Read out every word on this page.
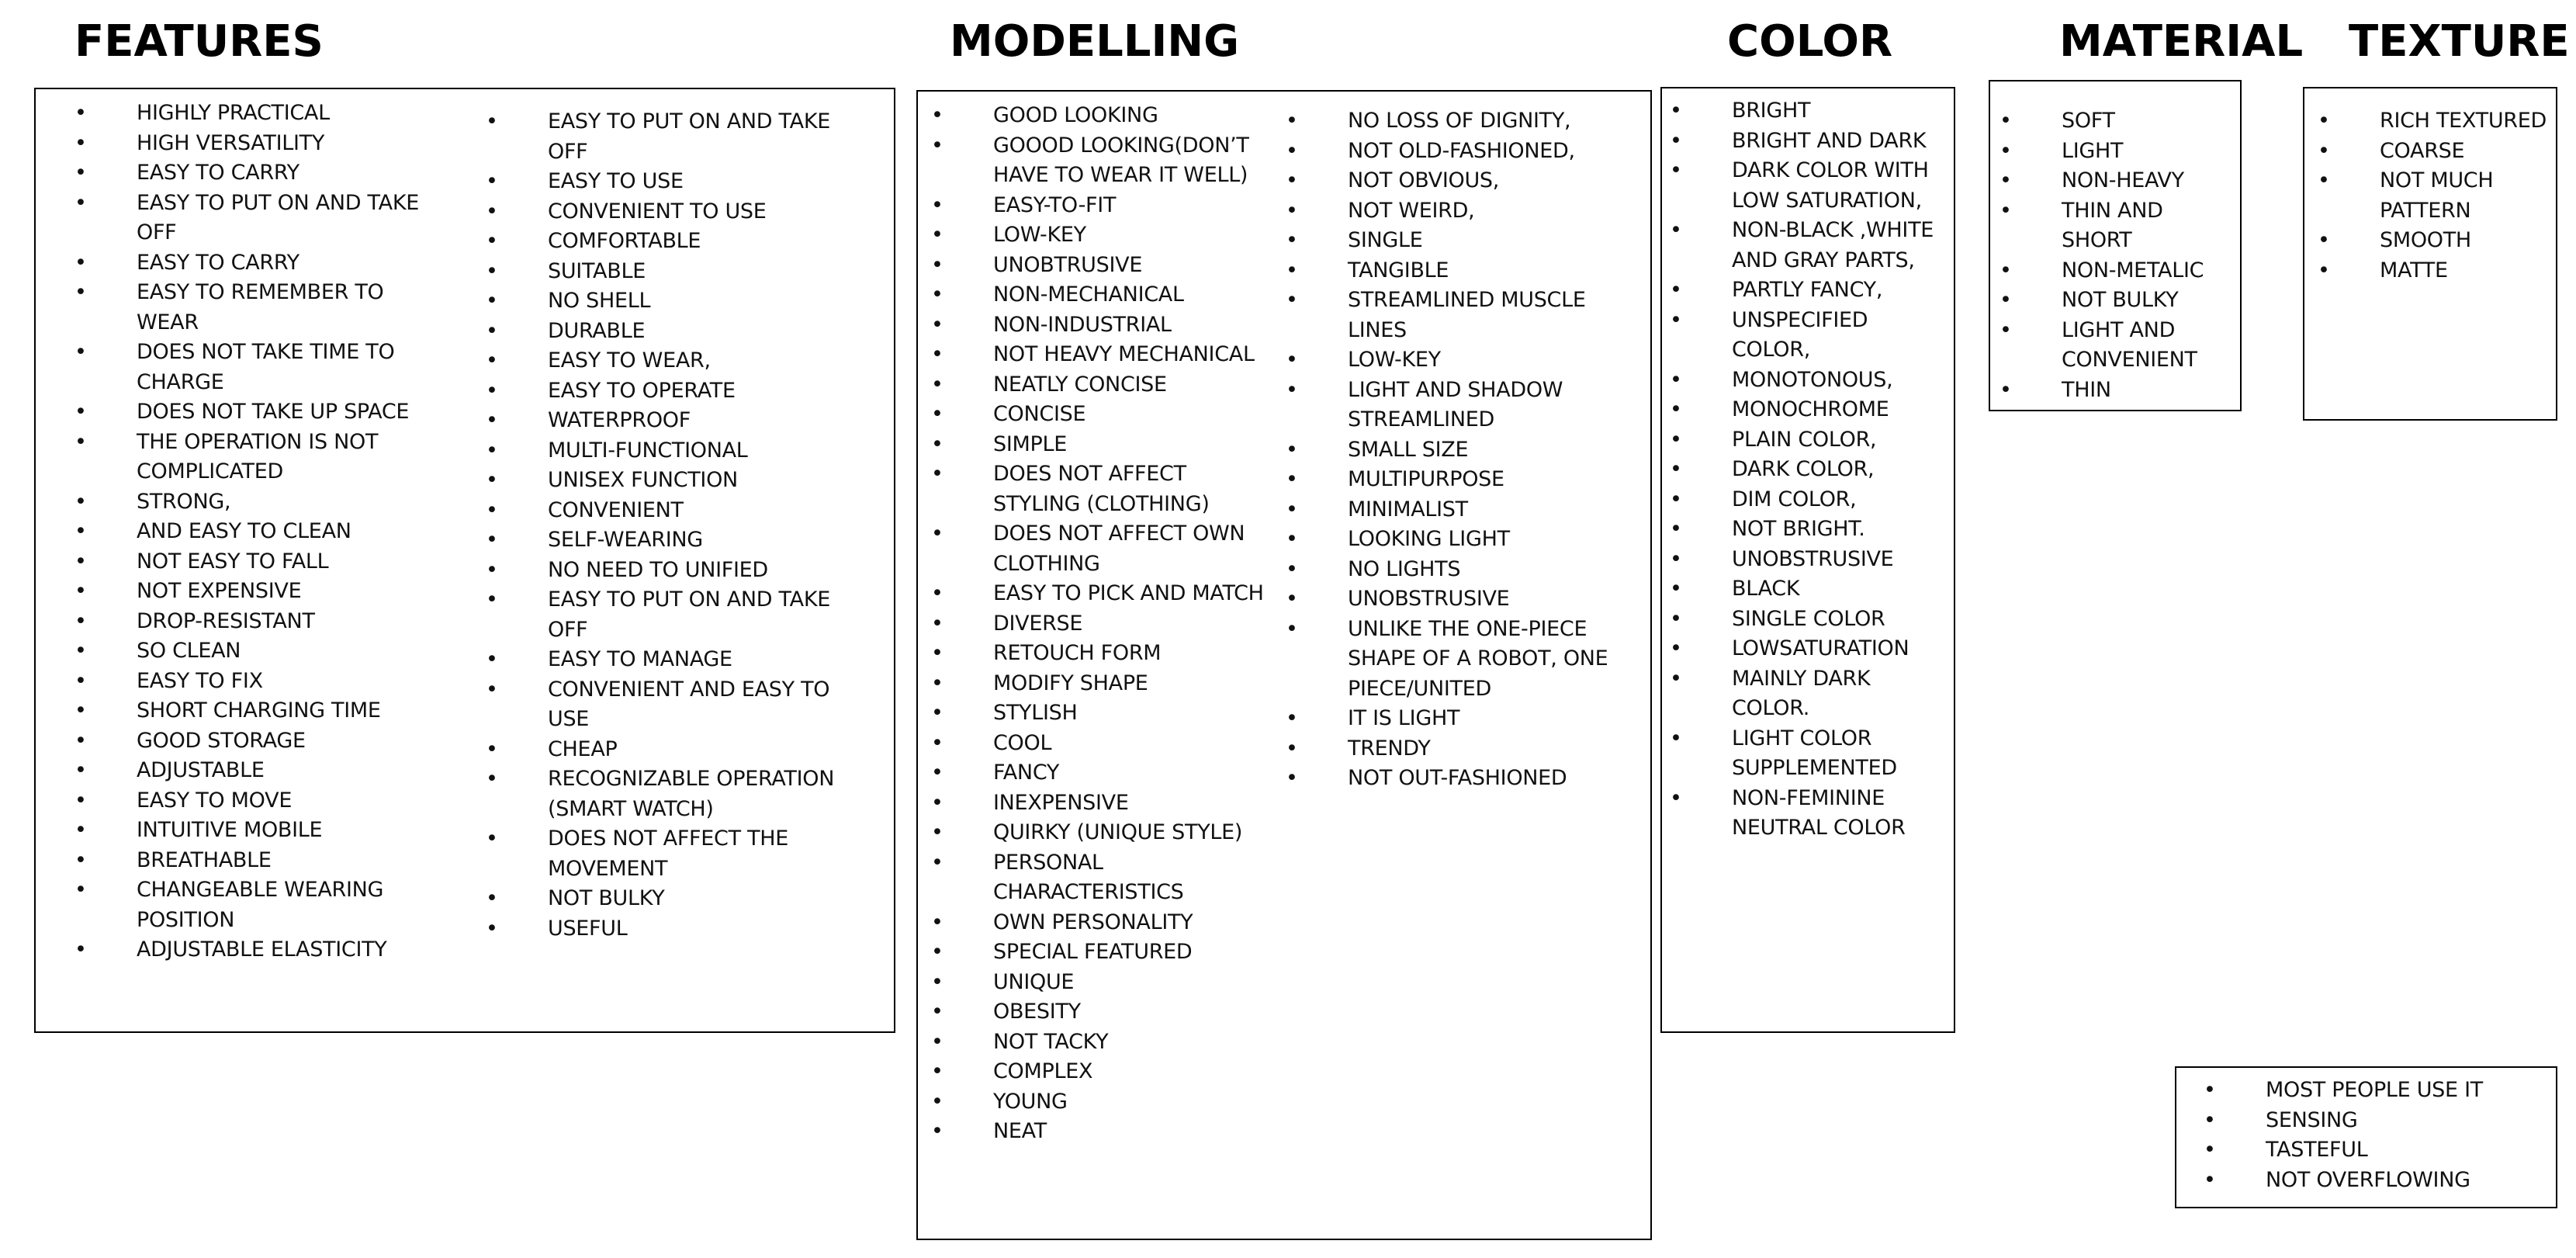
FEATURES	MODELLING	COLOR	MATERIAL TEXTURE
• HIGHLY PRACTICAL
• HIGH VERSATILITY
• EASY TO CARRY
• EASY TO PUT ON AND TAKE OFF
• EASY TO CARRY
• EASY TO REMEMBER TO WEAR
• DOES NOT TAKE TIME TO CHARGE
• DOES NOT TAKE UP SPACE
• THE OPERATION IS NOT COMPLICATED
• STRONG,
• AND EASY TO CLEAN
• NOT EASY TO FALL
• NOT EXPENSIVE
• DROP-RESISTANT
• SO CLEAN
• EASY TO FIX
• SHORT CHARGING TIME
• GOOD STORAGE
• ADJUSTABLE
• EASY TO MOVE
• INTUITIVE MOBILE
• BREATHABLE
• CHANGEABLE WEARING POSITION
• ADJUSTABLE ELASTICITY
• EASY TO PUT ON AND TAKE OFF
• EASY TO USE
• CONVENIENT TO USE
• COMFORTABLE
• SUITABLE
• NO SHELL
• DURABLE
• EASY TO WEAR,
• EASY TO OPERATE
• WATERPROOF
• MULTI-FUNCTIONAL
• UNISEX FUNCTION
• CONVENIENT
• SELF-WEARING
• NO NEED TO UNIFIED
• EASY TO PUT ON AND TAKE OFF
• EASY TO MANAGE
• CONVENIENT AND EASY TO USE
• CHEAP
• RECOGNIZABLE OPERATION (SMART WATCH)
• DOES NOT AFFECT THE MOVEMENT
• NOT BULKY
• USEFUL
• GOOD LOOKING
• GOOOD LOOKING(DON’T HAVE TO WEAR IT WELL)
• EASY-TO-FIT
• LOW-KEY
• UNOBTRUSIVE
• NON-MECHANICAL
• NON-INDUSTRIAL
• NOT HEAVY MECHANICAL
• NEATLY CONCISE
• CONCISE
• SIMPLE
• DOES NOT AFFECT STYLING (CLOTHING)
• DOES NOT AFFECT OWN CLOTHING
• EASY TO PICK AND MATCH
• DIVERSE
• RETOUCH FORM
• MODIFY SHAPE
• STYLISH
• COOL
• FANCY
• INEXPENSIVE
• QUIRKY (UNIQUE STYLE)
• PERSONAL CHARACTERISTICS
• OWN PERSONALITY
• SPECIAL FEATURED
• UNIQUE
• OBESITY
• NOT TACKY
• COMPLEX
• YOUNG
• NEAT
• NO LOSS OF DIGNITY,
• NOT OLD-FASHIONED,
• NOT OBVIOUS,
• NOT WEIRD,
• SINGLE
• TANGIBLE
• STREAMLINED MUSCLE LINES
• LOW-KEY
• LIGHT AND SHADOW STREAMLINED
• SMALL SIZE
• MULTIPURPOSE
• MINIMALIST
• LOOKING LIGHT
• NO LIGHTS
• UNOBSTRUSIVE
• UNLIKE THE ONE-PIECE SHAPE OF A ROBOT, ONE PIECE/UNITED
• IT IS LIGHT
• TRENDY
• NOT OUT-FASHIONED
• BRIGHT
• BRIGHT AND DARK
• DARK COLOR WITH LOW SATURATION,
• NON-BLACK ,WHITE AND GRAY PARTS,
• PARTLY FANCY,
• UNSPECIFIED COLOR,
• MONOTONOUS,
• MONOCHROME
• PLAIN COLOR,
• DARK COLOR,
• DIM COLOR,
• NOT BRIGHT.
• UNOBSTRUSIVE
• BLACK
• SINGLE COLOR
• LOWSATURATION
• MAINLY DARK COLOR.
• LIGHT COLOR SUPPLEMENTED
• NON-FEMININE NEUTRAL COLOR
• SOFT
• LIGHT
• NON-HEAVY
• THIN AND SHORT
• NON-METALIC
• NOT BULKY
• LIGHT AND CONVENIENT
• THIN
• RICH TEXTURED
• COARSE
• NOT MUCH PATTERN
• SMOOTH
• MATTE
• MOST PEOPLE USE IT
• SENSING
• TASTEFUL
• NOT OVERFLOWING
